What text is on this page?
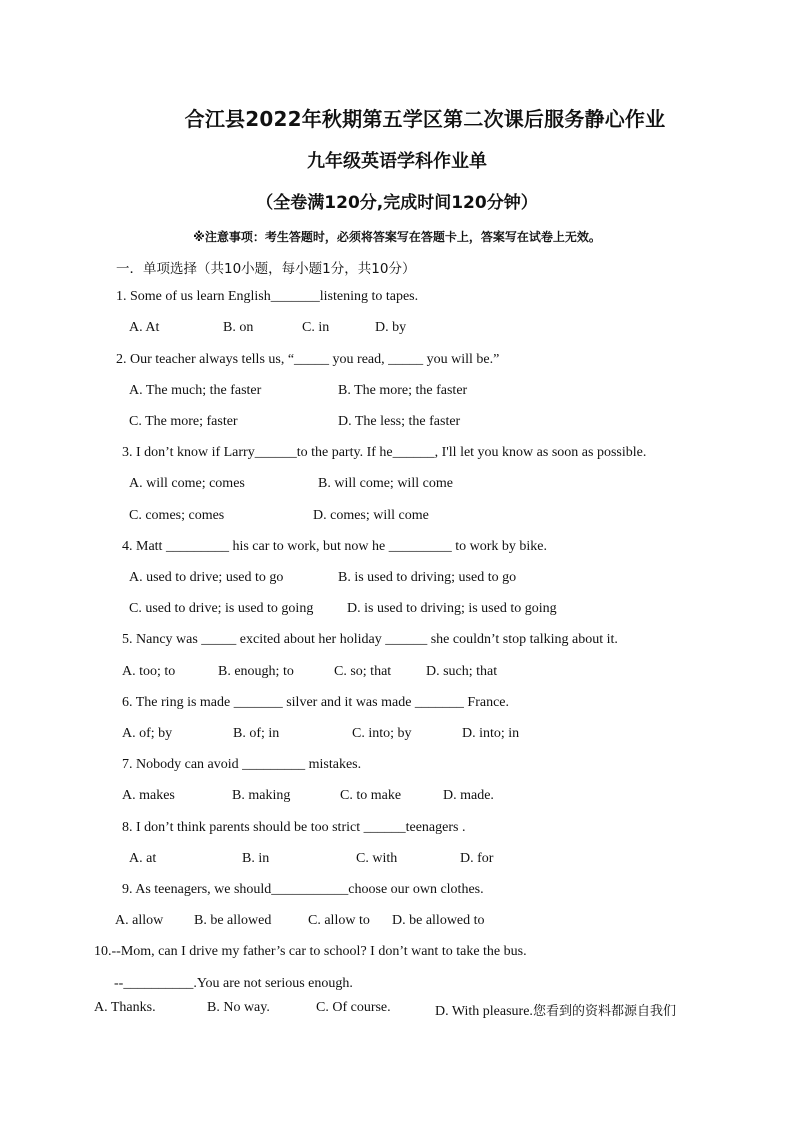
合江县2022年秋期第五学区第二次课后服务静心作业
九年级英语学科作业单
（全卷满120分,完成时间120分钟）
※注意事项：考生答题时，必须将答案写在答题卡上，答案写在试卷上无效。
一．单项选择（共10小题，每小题1分，共10分）
1. Some of us learn English_______listening to tapes.
A. At	B. on	C. in	D. by
2. Our teacher always tells us, “_____ you read, _____ you will be.”
A. The much; the faster	B. The more; the faster
C. The more; faster	D. The less; the faster
3. I don’t know if Larry______to the party. If he______, I'll let you know as soon as possible.
A. will come; comes	B. will come; will come
C. comes; comes	D. comes; will come
4. Matt _________ his car to work, but now he _________ to work by bike.
A. used to drive; used to go	B. is used to driving; used to go
C. used to drive; is used to going D. is used to driving; is used to going
5. Nancy was _____ excited about her holiday ______ she couldn’t stop talking about it.
A. too; to	B. enough; to	C. so; that D. such; that
6. The ring is made _______ silver and it was made _______ France.
A. of; by	B. of; in	C. into; by	D. into; in
7. Nobody can avoid _________ mistakes.
A. makes	B. making	C. to make	D. made.
8. I don’t think parents should be too strict ______teenagers .
A. at	B. in	C. with	D. for
9. As teenagers, we should___________choose our own clothes.
A. allow B. be allowed	C. allow to D. be allowed to
10.--Mom, can I drive my father’s car to school? I don’t want to take the bus.
--__________.You are not serious enough.
A. Thanks.	B. No way.	C. Of course.	D. With pleasure.您看到的资料都源自我们
